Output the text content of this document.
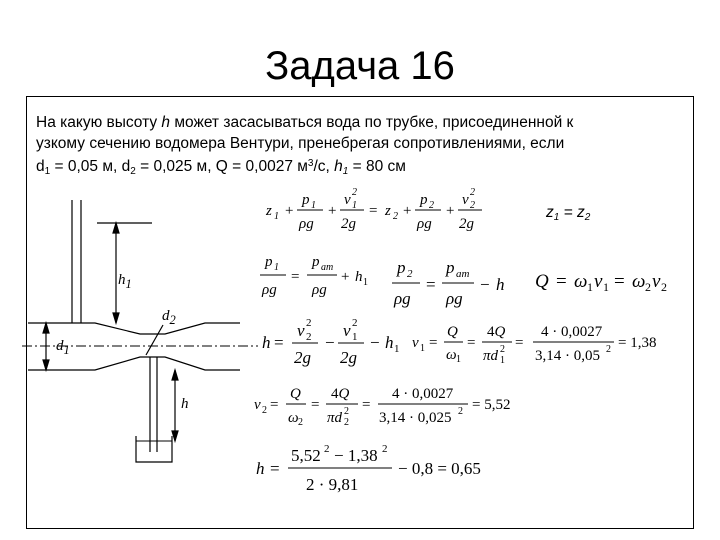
Задача 16
На какую высоту h может засасываться вода по трубке, присоединенной к
узкому сечению водомера Вентури, пренебрегая сопротивлениями, если
$d_1 = 0,05$ м, $d_2 = 0,025$ м, Q = 0,0027 $м^3/с$, $h_1 = 80$ см
$z_1 = z_2$
$h_1$
$d_2$
$d_1$
h
z 1 +
p 1
ρg
+
v 1
2
2g
= z 2 +
p 2
ρg
+
v 2
2
2g
p 1
ρg
=
p am
ρg
+ h 1
p 2
ρg
=
p am
ρg
− h Q = ω 1 v 1 = ω 2 v 2
h =
v 2
2
2g
−
v 1
2
2g
− h 1 v 1 =
Q
ω 1
=
4Q
πd 1
2 =
4 · 0,0027
3,14 · 0,05 2 = 1,38
v 2 =
Q
ω 2
=
4Q
πd 2
2 =
4 · 0,0027
3,14 · 0,025 2 = 5,52
h =
5,52 2 − 1,38 2
2 · 9,81
− 0,8 = 0,65
